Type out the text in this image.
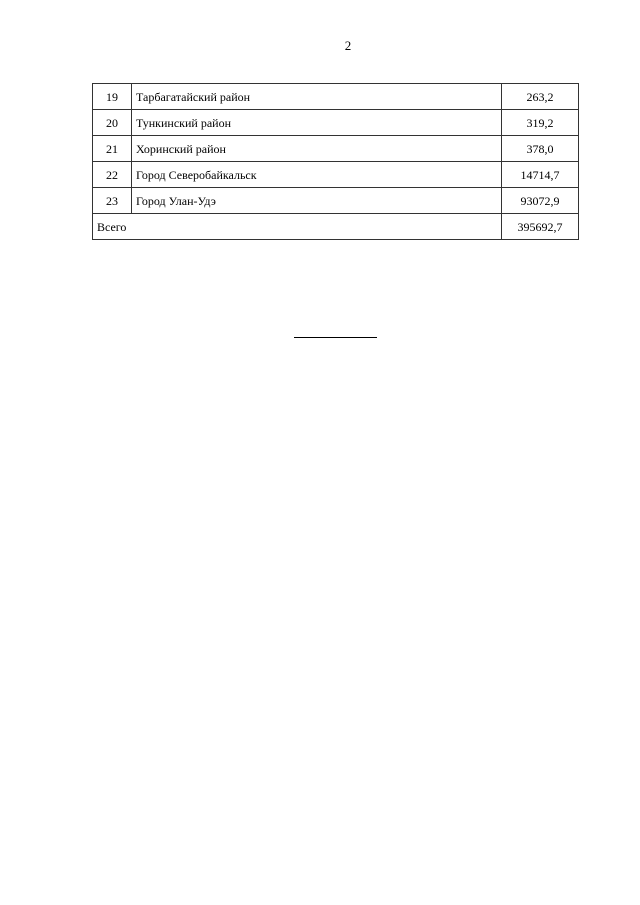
2
19	Тарбагатайский район	263,2
20	Тункинский район	319,2
21	Хоринский район	378,0
22	Город Северобайкальск	14714,7
23	Город Улан-Удэ	93072,9
Всего		395692,7
